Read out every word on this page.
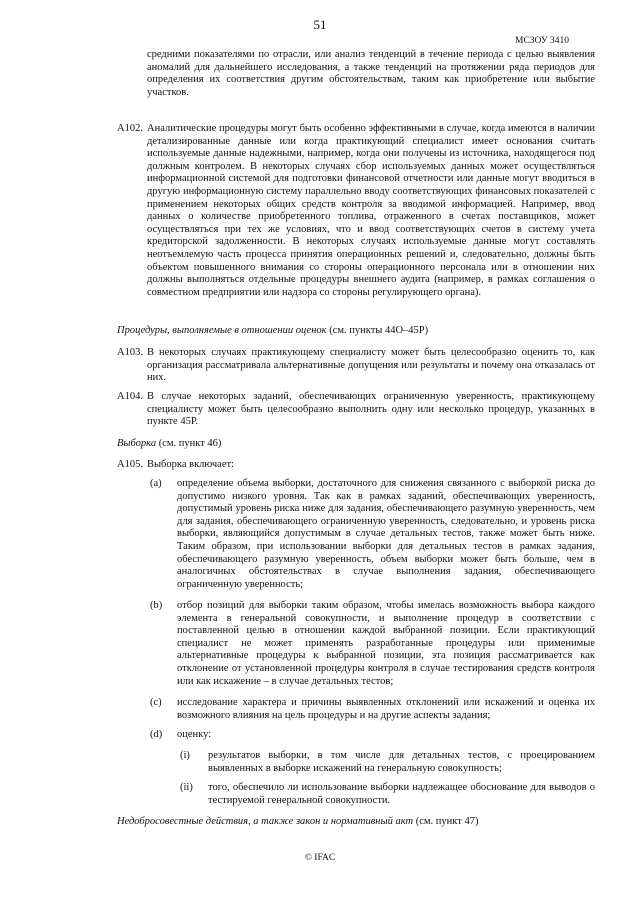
51
МСЗОУ 3410

средними показателями по отрасли, или анализ тенденций в течение периода с целью выявления аномалий для дальнейшего исследования, а также тенденций на протяжении ряда периодов для определения их соответствия другим обстоятельствам, таким как приобретение или выбытие участков.

A102. Аналитические процедуры могут быть особенно эффективными в случае, когда имеются в наличии детализированные данные или когда практикующий специалист имеет основания считать используемые данные надежными, например, когда они получены из источника, находящегося под должным контролем. В некоторых случаях сбор используемых данных может осуществляться информационной системой для подготовки финансовой отчетности или данные могут вводиться в другую информационную систему параллельно вводу соответствующих финансовых показателей с применением некоторых общих средств контроля за вводимой информацией. Например, ввод данных о количестве приобретенного топлива, отраженного в счетах поставщиков, может осуществляться при тех же условиях, что и ввод соответствующих счетов в систему учета кредиторской задолженности. В некоторых случаях используемые данные могут составлять неотъемлемую часть процесса принятия операционных решений и, следовательно, должны быть объектом повышенного внимания со стороны операционного персонала или в отношении них должны выполняться отдельные процедуры внешнего аудита (например, в рамках соглашения о совместном предприятии или надзора со стороны регулирующего органа).

Процедуры, выполняемые в отношении оценок (см. пункты 44O–45P)
A103. В некоторых случаях практикующему специалисту может быть целесообразно оценить то, как организация рассматривала альтернативные допущения или результаты и почему она отказалась от них.

A104. В случае некоторых заданий, обеспечивающих ограниченную уверенность, практикующему специалисту может быть целесообразно выполнить одну или несколько процедур, указанных в пункте 45P.

Выборка (см. пункт 46)
A105. Выборка включает:

(a) определение объема выборки, достаточного для снижения связанного с выборкой риска до допустимо низкого уровня. Так как в рамках заданий, обеспечивающих уверенность, допустимый уровень риска ниже для задания, обеспечивающего разумную уверенность, чем для задания, обеспечивающего ограниченную уверенность, следовательно, и уровень риска выборки, являющийся допустимым в случае детальных тестов, также может быть ниже. Таким образом, при использовании выборки для детальных тестов в рамках задания, обеспечивающего разумную уверенность, объем выборки может быть больше, чем в аналогичных обстоятельствах в случае выполнения задания, обеспечивающего ограниченную уверенность;

(b) отбор позиций для выборки таким образом, чтобы имелась возможность выбора каждого элемента в генеральной совокупности, и выполнение процедур в соответствии с поставленной целью в отношении каждой выбранной позиции. Если практикующий специалист не может применять разработанные процедуры или применимые альтернативные процедуры к выбранной позиции, эта позиция рассматривается как отклонение от установленной процедуры контроля в случае тестирования средств контроля или как искажение – в случае детальных тестов;

(c) исследование характера и причины выявленных отклонений или искажений и оценка их возможного влияния на цель процедуры и на другие аспекты задания;

(d) оценку:

(i) результатов выборки, в том числе для детальных тестов, с проецированием выявленных в выборке искажений на генеральную совокупность;

(ii) того, обеспечило ли использование выборки надлежащее обоснование для выводов о тестируемой генеральной совокупности.

Недобросовестные действия, а также закон и нормативный акт (см. пункт 47)
© IFAC
